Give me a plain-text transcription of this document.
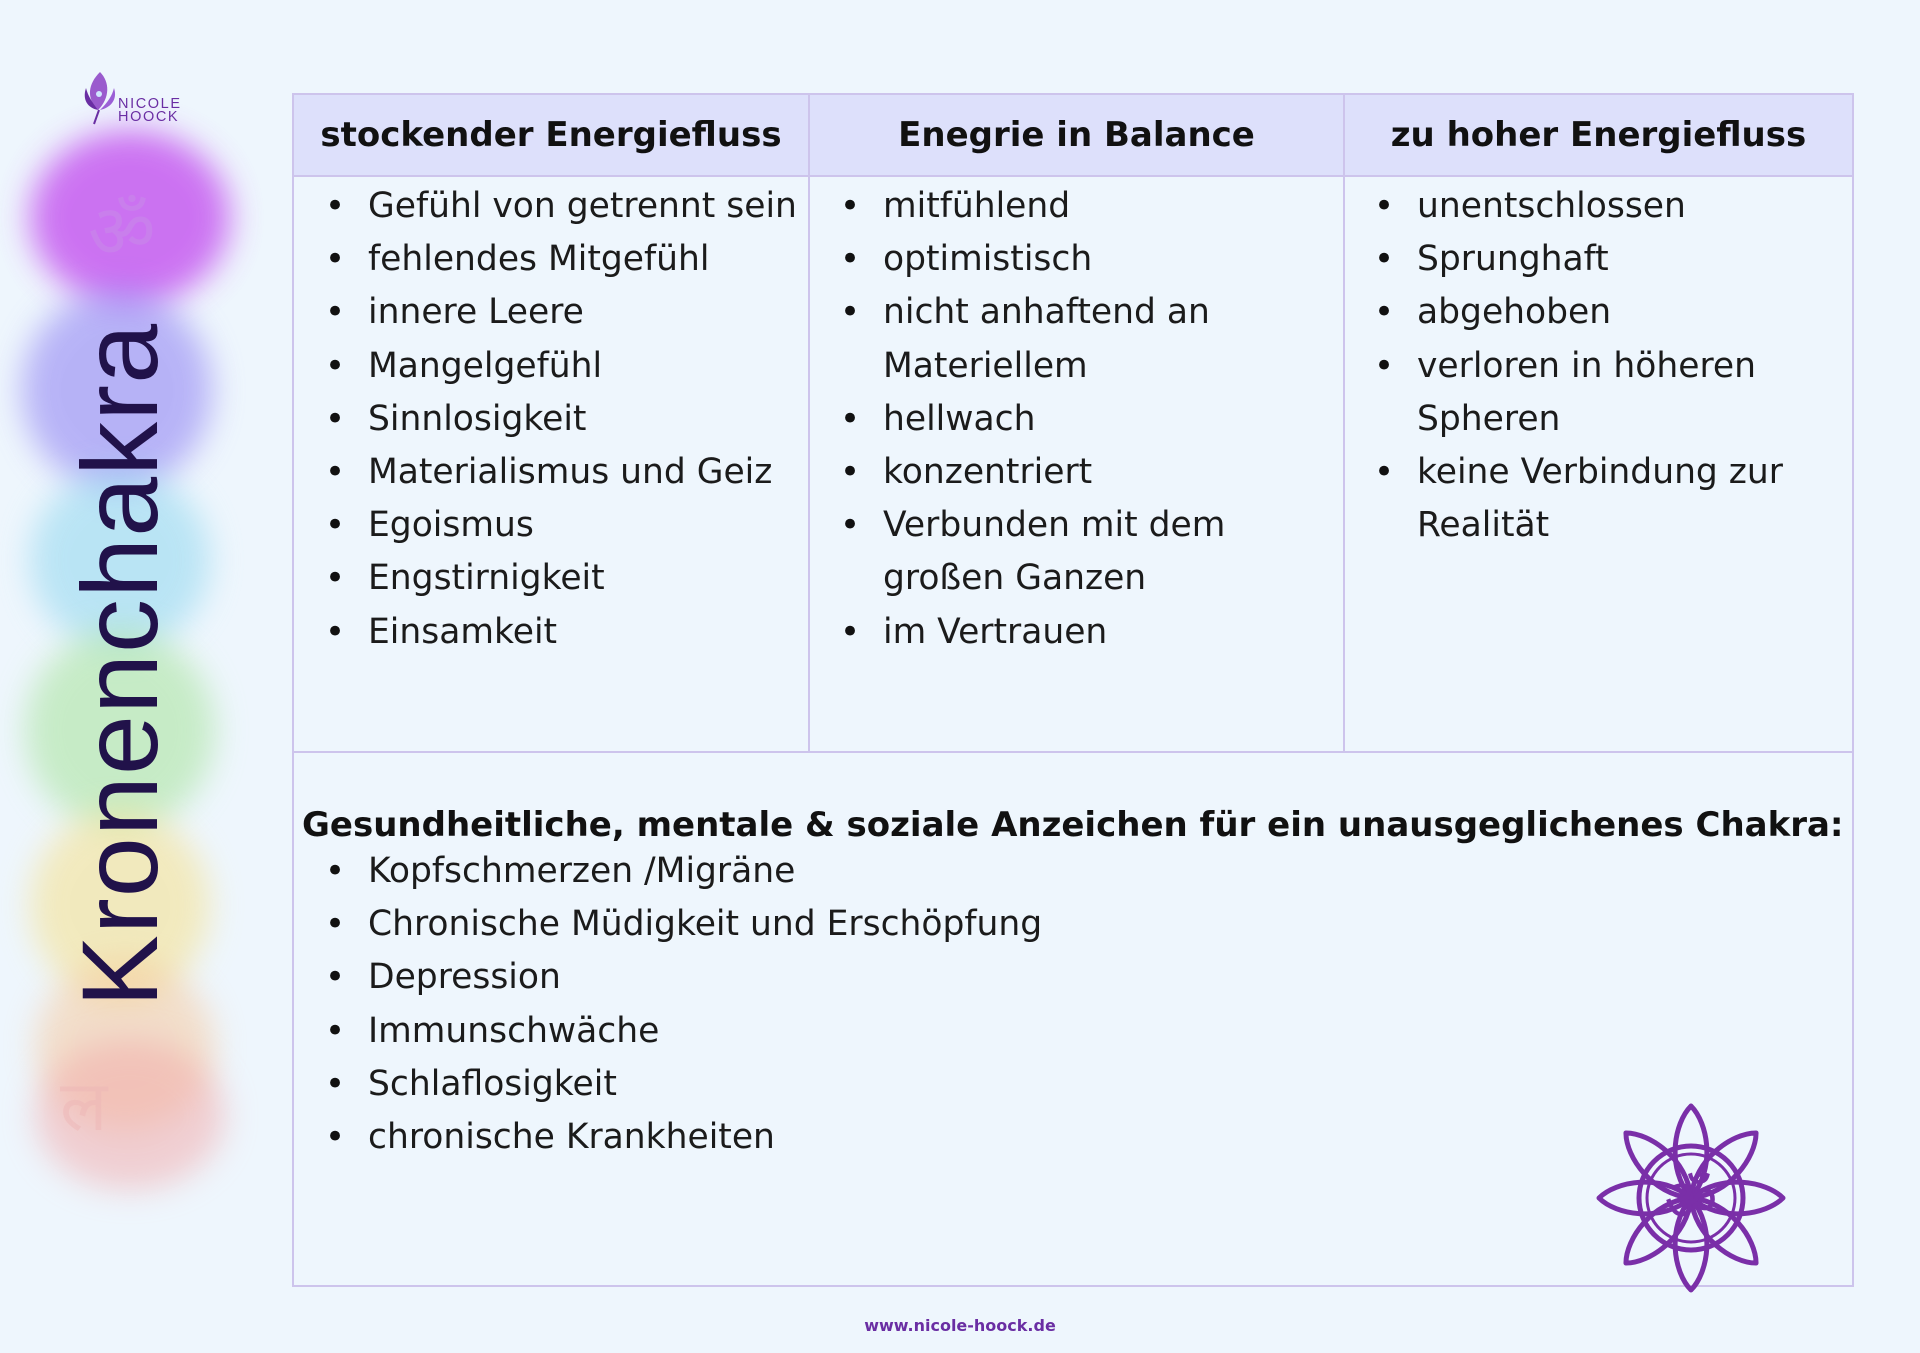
ॐ
ल
NICOLE
HOOCK
Kronenchakra
stockender Energiefluss	Enegrie in Balance	zu hoher Energiefluss
• Gefühl von getrennt sein
• fehlendes Mitgefühl
• innere Leere
• Mangelgefühl
• Sinnlosigkeit
• Materialismus und Geiz
• Egoismus
• Engstirnigkeit
• Einsamkeit
• mitfühlend
• optimistisch
• nicht anhaftend an
Materiellem
• hellwach
• konzentriert
• Verbunden mit dem
großen Ganzen
• im Vertrauen
• unentschlossen
• Sprunghaft
• abgehoben
• verloren in höheren
Spheren
• keine Verbindung zur
Realität
Gesundheitliche, mentale & soziale Anzeichen für ein unausgeglichenes Chakra:
• Kopfschmerzen /Migräne
• Chronische Müdigkeit und Erschöpfung
• Depression
• Immunschwäche
• Schlaflosigkeit
• chronische Krankheiten
ॐ
www.nicole-hoock.de
